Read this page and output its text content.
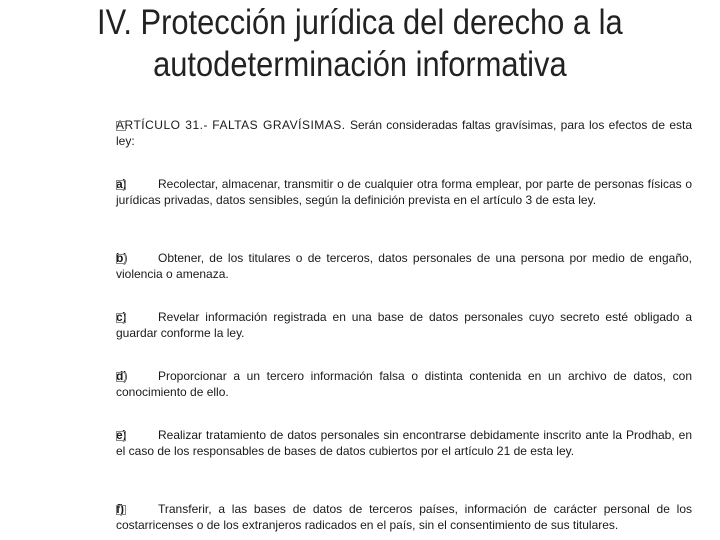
IV. Protección jurídica del derecho a la autodeterminación informativa

ARTÍCULO 31.- FALTAS GRAVÍSIMAS. Serán consideradas faltas gravísimas, para los efectos de esta ley:

a)	Recolectar, almacenar, transmitir o de cualquier otra forma emplear, por parte de personas físicas o jurídicas privadas, datos sensibles, según la definición prevista en el artículo 3 de esta ley.

b)	Obtener, de los titulares o de terceros, datos personales de una persona por medio de engaño, violencia o amenaza.

c)	Revelar información registrada en una base de datos personales cuyo secreto esté obligado a guardar conforme la ley.

d)	Proporcionar a un tercero información falsa o distinta contenida en un archivo de datos, con conocimiento de ello.

e)	Realizar tratamiento de datos personales sin encontrarse debidamente inscrito ante la Prodhab, en el caso de los responsables de bases de datos cubiertos por el artículo 21 de esta ley.

f)	Transferir, a las bases de datos de terceros países, información de carácter personal de los costarricenses o de los extranjeros radicados en el país, sin el consentimiento de sus titulares.
